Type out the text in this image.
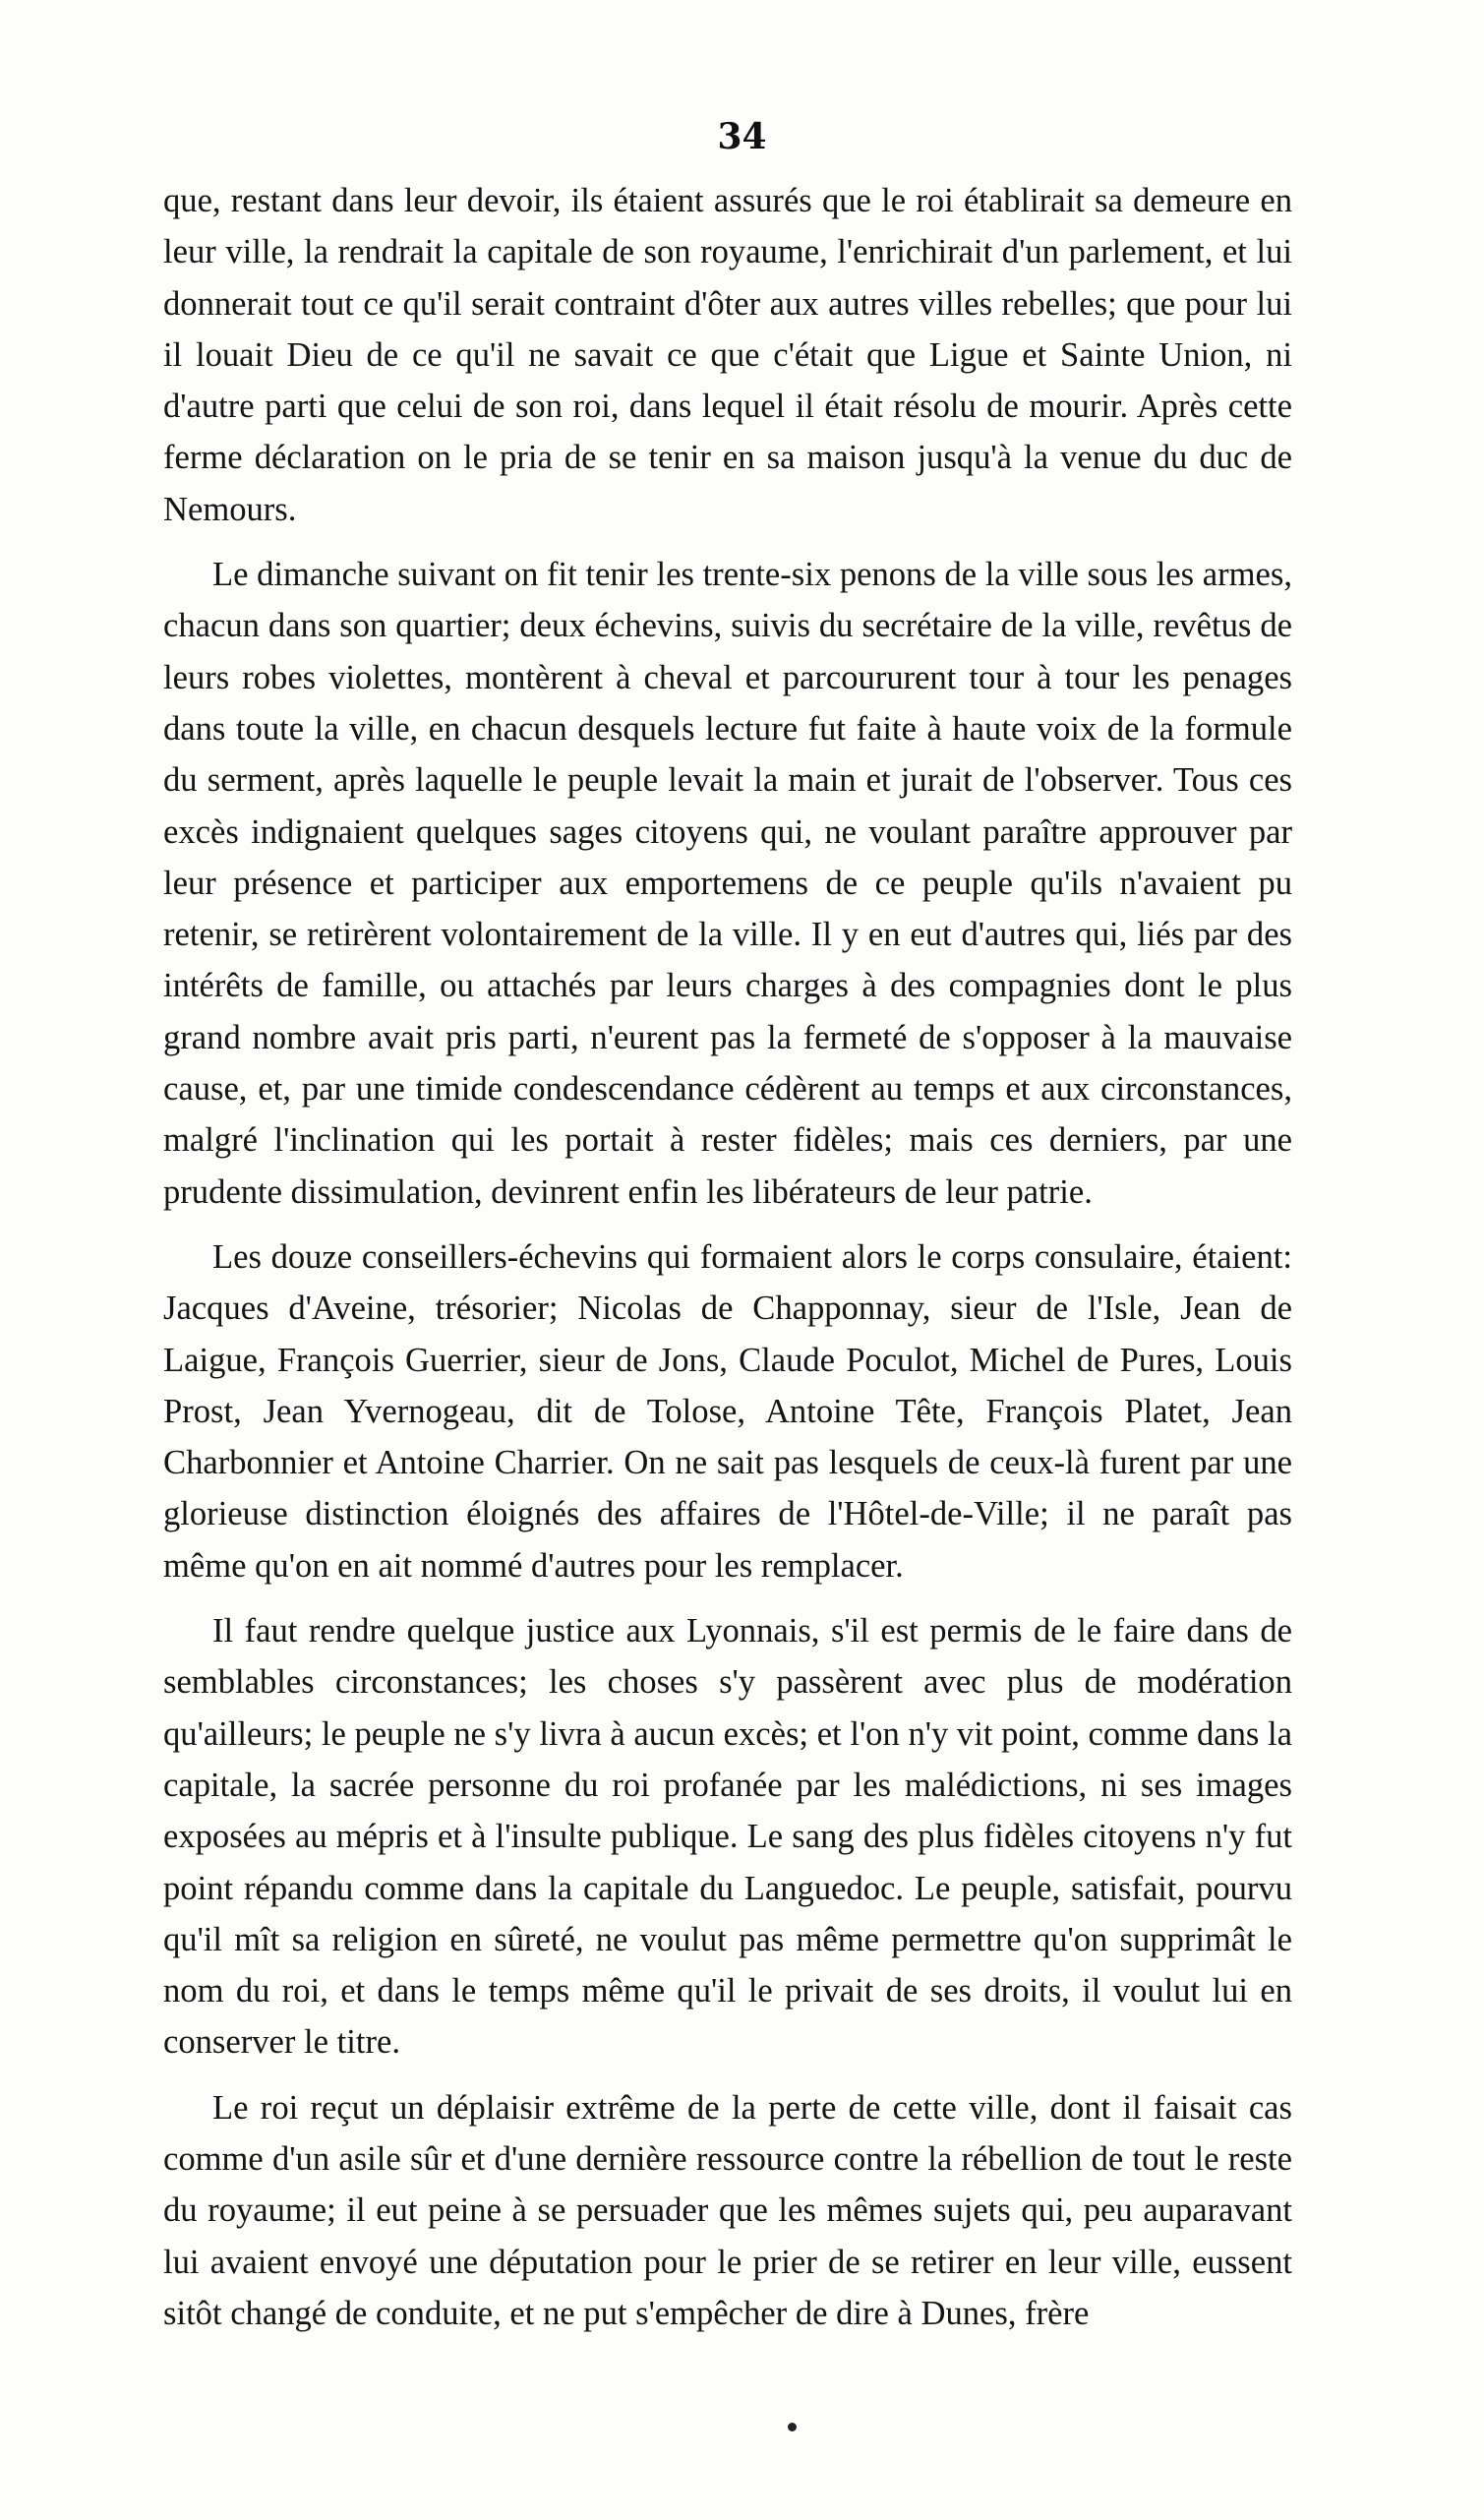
34

que, restant dans leur devoir, ils étaient assurés que le roi établirait sa demeure en leur ville, la rendrait la capitale de son royaume, l'enrichirait d'un parlement, et lui donnerait tout ce qu'il serait contraint d'ôter aux autres villes rebelles; que pour lui il louait Dieu de ce qu'il ne savait ce que c'était que Ligue et Sainte Union, ni d'autre parti que celui de son roi, dans lequel il était résolu de mourir. Après cette ferme déclaration on le pria de se tenir en sa maison jusqu'à la venue du duc de Nemours.

Le dimanche suivant on fit tenir les trente-six penons de la ville sous les armes, chacun dans son quartier; deux échevins, suivis du secrétaire de la ville, revêtus de leurs robes violettes, montèrent à cheval et parcoururent tour à tour les penages dans toute la ville, en chacun desquels lecture fut faite à haute voix de la formule du serment, après laquelle le peuple levait la main et jurait de l'observer. Tous ces excès indignaient quelques sages citoyens qui, ne voulant paraître approuver par leur présence et participer aux emportemens de ce peuple qu'ils n'avaient pu retenir, se retirèrent volontairement de la ville. Il y en eut d'autres qui, liés par des intérêts de famille, ou attachés par leurs charges à des compagnies dont le plus grand nombre avait pris parti, n'eurent pas la fermeté de s'opposer à la mauvaise cause, et, par une timide condescendance cédèrent au temps et aux circonstances, malgré l'inclination qui les portait à rester fidèles; mais ces derniers, par une prudente dissimulation, devinrent enfin les libérateurs de leur patrie.

Les douze conseillers-échevins qui formaient alors le corps consulaire, étaient: Jacques d'Aveine, trésorier; Nicolas de Chapponnay, sieur de l'Isle, Jean de Laigue, François Guerrier, sieur de Jons, Claude Poculot, Michel de Pures, Louis Prost, Jean Yvernogeau, dit de Tolose, Antoine Tête, François Platet, Jean Charbonnier et Antoine Charrier. On ne sait pas lesquels de ceux-là furent par une glorieuse distinction éloignés des affaires de l'Hôtel-de-Ville; il ne paraît pas même qu'on en ait nommé d'autres pour les remplacer.

Il faut rendre quelque justice aux Lyonnais, s'il est permis de le faire dans de semblables circonstances; les choses s'y passèrent avec plus de modération qu'ailleurs; le peuple ne s'y livra à aucun excès; et l'on n'y vit point, comme dans la capitale, la sacrée personne du roi profanée par les malédictions, ni ses images exposées au mépris et à l'insulte publique. Le sang des plus fidèles citoyens n'y fut point répandu comme dans la capitale du Languedoc. Le peuple, satisfait, pourvu qu'il mît sa religion en sûreté, ne voulut pas même permettre qu'on supprimât le nom du roi, et dans le temps même qu'il le privait de ses droits, il voulut lui en conserver le titre.

Le roi reçut un déplaisir extrême de la perte de cette ville, dont il faisait cas comme d'un asile sûr et d'une dernière ressource contre la rébellion de tout le reste du royaume; il eut peine à se persuader que les mêmes sujets qui, peu auparavant lui avaient envoyé une députation pour le prier de se retirer en leur ville, eussent sitôt changé de conduite, et ne put s'empêcher de dire à Dunes, frère
